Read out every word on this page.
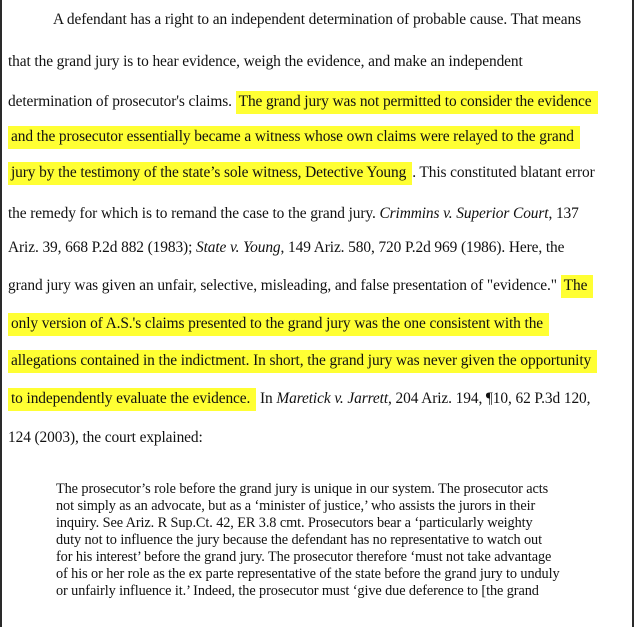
A defendant has a right to an independent determination of probable cause. That means
that the grand jury is to hear evidence, weigh the evidence, and make an independent
determination of prosecutor's claims. The grand jury was not permitted to consider the evidence
and the prosecutor essentially became a witness whose own claims were relayed to the grand
jury by the testimony of the state’s sole witness, Detective Young . This constituted blatant error
the remedy for which is to remand the case to the grand jury. Crimmins v. Superior Court, 137
Ariz. 39, 668 P.2d 882 (1983); State v. Young, 149 Ariz. 580, 720 P.2d 969 (1986). Here, the
grand jury was given an unfair, selective, misleading, and false presentation of "evidence." The
only version of A.S.'s claims presented to the grand jury was the one consistent with the
allegations contained in the indictment. In short, the grand jury was never given the opportunity
to independently evaluate the evidence. In Maretick v. Jarrett, 204 Ariz. 194, ¶10, 62 P.3d 120,
124 (2003), the court explained:
The prosecutor’s role before the grand jury is unique in our system. The prosecutor acts
not simply as an advocate, but as a ‘minister of justice,’ who assists the jurors in their
inquiry. See Ariz. R Sup.Ct. 42, ER 3.8 cmt. Prosecutors bear a ‘particularly weighty
duty not to influence the jury because the defendant has no representative to watch out
for his interest’ before the grand jury. The prosecutor therefore ‘must not take advantage
of his or her role as the ex parte representative of the state before the grand jury to unduly
or unfairly influence it.’ Indeed, the prosecutor must ‘give due deference to [the grand
